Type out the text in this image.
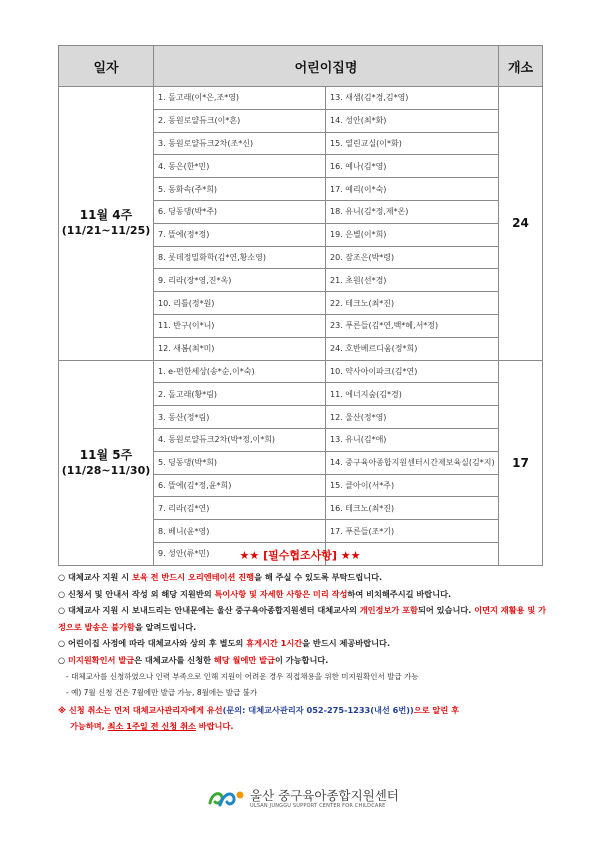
일자	어린이집명		개소

11월 4주
(11/21~11/25)	1. 돌고래(이*은,조*영)	13. 새샘(김*경,김*영)	24
	2. 동원로얄듀크(이*흔)	14. 성안(최*화)	
	3. 동원로얄듀크2차(조*신)	15. 열린교실(이*화)	
	4. 동은(한*민)	16. 예나(김*영)	
	5. 동화속(주*희)	17. 예리(이*숙)	
	6. 딩동댕(박*주)	18. 유니(김*정,제*온)	
	7. 뜰에(정*정)	19. 은별(이*희)	
	8. 롯데정밀화학(김*연,황소영)	20. 잠조은(박*령)	
	9. 리라(장*영,진*옥)	21. 초원(선*경)	
	10. 리틀(정*원)	22. 테크노(최*진)	
	11. 반구(이*니)	23. 푸른들(김*연,백*혜,서*정)	
	12. 새봄(최*미)	24. 호반베르디움(정*희)	

11월 5주
(11/28~11/30)	1. e-편한세상(송*순,이*숙)	10. 약사아이파크(김*연)	17
	2. 돌고래(황*림)	11. 에너지숲(김*경)	
	3. 동산(정*림)	12. 울산(정*영)	
	4. 동원로얄듀크2차(박*정,이*희)	13. 유니(김*애)	
	5. 딩동댕(박*희)	14. 중구육아종합지원센터시간제보육실(김*지)	
	6. 뜰에(김*정,윤*희)	15. 클아이(서*주)	
	7. 리라(김*연)	16. 테크노(최*진)	
	8. 베니(윤*영)	17. 푸른들(조*기)	
	9. 성안(류*민)			★★ [필수협조사항] ★★

○ 대체교사 지원 시 보육 전 반드시 오리엔테이션 진행을 해 주실 수 있도록 부탁드립니다.

○ 신청서 및 안내서 작성 외 해당 지원반의 특이사항 및 자세한 사항은 미리 작성하여 비치해주시길 바랍니다.

○ 대체교사 지원 시 보내드리는 안내문에는 울산 중구육아종합지원센터 대체교사의 개인정보가 포함되어 있습니다. 이면지 재활용 및 가정으로 발송은 불가함을 알려드립니다.

○ 어린이집 사정에 따라 대체교사와 상의 후 별도의 휴게시간 1시간을 반드시 제공바랍니다.

○ 미지원확인서 발급은 대체교사를 신청한 해당 월에만 발급이 가능합니다.

- 대체교사를 신청하였으나 인력 부족으로 인해 지원이 어려운 경우 직접채용을 위한 미지원확인서 발급 가능

- 예) 7월 신청 건은 7월에만 발급 가능, 8월에는 발급 불가

※ 신청 취소는 먼저 대체교사관리자에게 유선(문의: 대체교사관리자 052-275-1233(내선 6번))으로 알린 후

가능하며, 최소 1주일 전 신청 취소 바랍니다.

울산 중구육아종합지원센터
ULSAN JUNGGU SUPPORT CENTER FOR CHILDCARE
